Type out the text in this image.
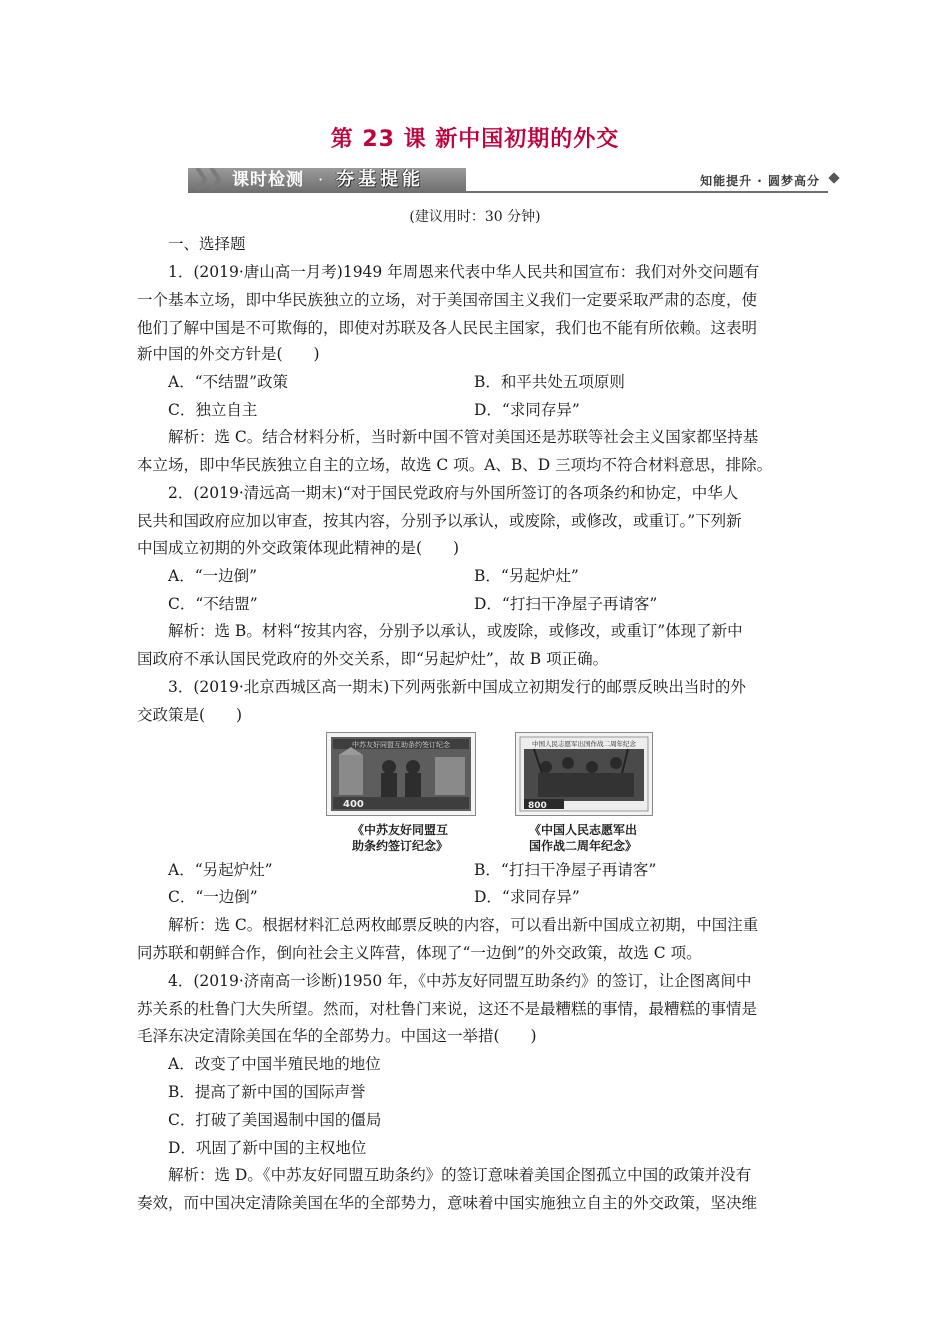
第 23 课 新中国初期的外交
❯
❯ 课时检测 · 夯基提能	知能提升 · 圆梦高分
(建议用时：30 分钟)
一、选择题
1．(2019·唐山高一月考)1949 年周恩来代表中华人民共和国宣布：我们对外交问题有
一个基本立场，即中华民族独立的立场，对于美国帝国主义我们一定要采取严肃的态度，使
他们了解中国是不可欺侮的，即使对苏联及各人民民主国家，我们也不能有所依赖。这表明
新中国的外交方针是(　　)
A．“不结盟”政策	B．和平共处五项原则
C．独立自主	D．“求同存异”
解析：选 C。结合材料分析，当时新中国不管对美国还是苏联等社会主义国家都坚持基
本立场，即中华民族独立自主的立场，故选 C 项。A、B、D 三项均不符合材料意思，排除。
2．(2019·清远高一期末)“对于国民党政府与外国所签订的各项条约和协定，中华人
民共和国政府应加以审查，按其内容，分别予以承认，或废除，或修改，或重订。”下列新
中国成立初期的外交政策体现此精神的是(　　)
A．“一边倒”	B．“另起炉灶”
C．“不结盟”	D．“打扫干净屋子再请客”
解析：选 B。材料“按其内容，分别予以承认，或废除，或修改，或重订”体现了新中
国政府不承认国民党政府的外交关系，即“另起炉灶”，故 B 项正确。
3．(2019·北京西城区高一期末)下列两张新中国成立初期发行的邮票反映出当时的外
交政策是(　　)
中苏友好同盟互助条约签订纪念
400
《中苏友好同盟互
助条约签订纪念》
中国人民志愿军出国作战二周年纪念
800
《中国人民志愿军出
国作战二周年纪念》
A．“另起炉灶”	B．“打扫干净屋子再请客”
C．“一边倒”	D．“求同存异”
解析：选 C。根据材料汇总两枚邮票反映的内容，可以看出新中国成立初期，中国注重
同苏联和朝鲜合作，倒向社会主义阵营，体现了“一边倒”的外交政策，故选 C 项。
4．(2019·济南高一诊断)1950 年，《中苏友好同盟互助条约》的签订，让企图离间中
苏关系的杜鲁门大失所望。然而，对杜鲁门来说，这还不是最糟糕的事情，最糟糕的事情是
毛泽东决定清除美国在华的全部势力。中国这一举措(　　)
A．改变了中国半殖民地的地位
B．提高了新中国的国际声誉
C．打破了美国遏制中国的僵局
D．巩固了新中国的主权地位
解析：选 D。《中苏友好同盟互助条约》的签订意味着美国企图孤立中国的政策并没有
奏效，而中国决定清除美国在华的全部势力，意味着中国实施独立自主的外交政策，坚决维
